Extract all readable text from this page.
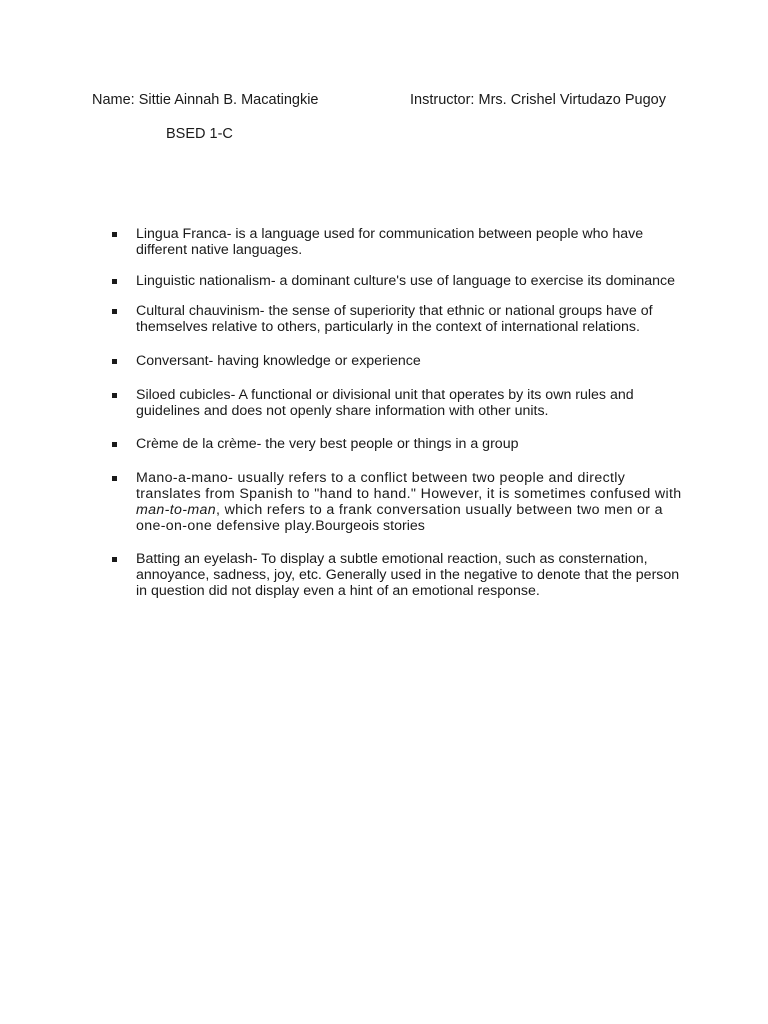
Name: Sittie Ainnah B. Macatingkie	Instructor: Mrs. Crishel Virtudazo Pugoy
BSED 1-C
Lingua Franca- is a language used for communication between people who have different native languages.
Linguistic nationalism- a dominant culture's use of language to exercise its dominance
Cultural chauvinism- the sense of superiority that ethnic or national groups have of themselves relative to others, particularly in the context of international relations.
Conversant- having knowledge or experience
Siloed cubicles- A functional or divisional unit that operates by its own rules and guidelines and does not openly share information with other units.
Crème de la crème- the very best people or things in a group
Mano-a-mano- usually refers to a conflict between two people and directly translates from Spanish to "hand to hand." However, it is sometimes confused with man-to-man, which refers to a frank conversation usually between two men or a one-on-one defensive play.Bourgeois stories
Batting an eyelash- To display a subtle emotional reaction, such as consternation, annoyance, sadness, joy, etc. Generally used in the negative to denote that the person in question did not display even a hint of an emotional response.
